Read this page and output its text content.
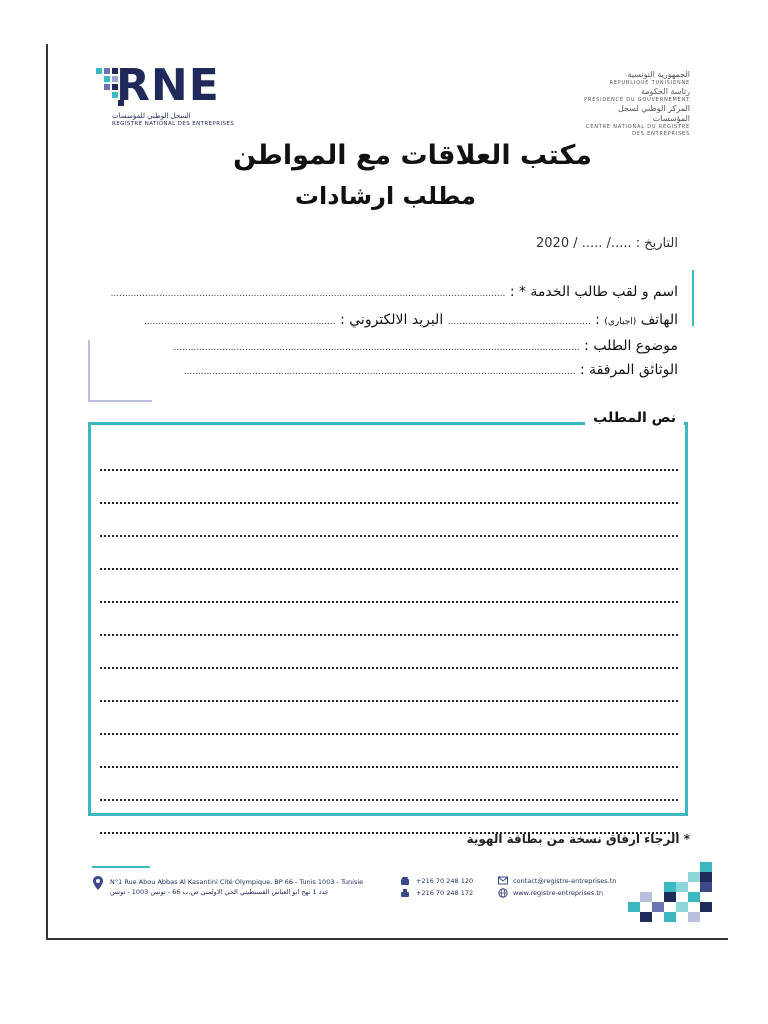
RNE
السجل الوطني للمؤسسات
REGISTRE NATIONAL DES ENTREPRISES
الجمهورية التونسية
REPUBLIQUE TUNISIENNE
رئاسة الحكومة
PRESIDENCE DU GOUVERNEMENT
المركز الوطني لسجل المؤسسات
CENTRE NATIONAL DU REGISTRE DES ENTREPRISES
مكتب العلاقات مع المواطن
مطلب ارشادات
التاريخ : ...../ ..... / 2020
اسم و لقب طالب الخدمة * : ..........................................................................................................................................
الهاتف (اجباري) : .................................................. البريد الالكتروني : ...................................................................
موضوع الطلب : ..............................................................................................................................................
الوثائق المرفقة : .........................................................................................................................................
نص المطلب
* الرجاء ارفاق نسخة من بطاقة الهوية
N°1 Rue Abou Abbas Al Kasantini Cité Olympique, BP 66 - Tunis 1003 - Tunisie
عدد 1 نهج ابو العباس القسنطيني الحي الاولمبي ص.ب 66 - تونس 1003 - تونس
+216 70 248 120
+216 70 248 172
contact@registre-entreprises.tn
www.registre-entreprises.tn
